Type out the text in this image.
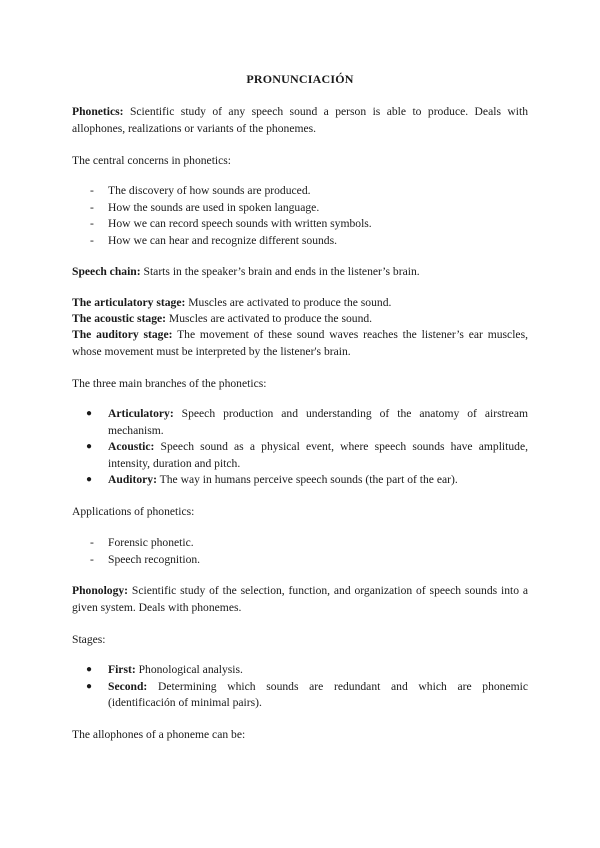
PRONUNCIACIÓN

Phonetics: Scientific study of any speech sound a person is able to produce. Deals with allophones, realizations or variants of the phonemes.

The central concerns in phonetics:

- The discovery of how sounds are produced.
- How the sounds are used in spoken language.
- How we can record speech sounds with written symbols.
- How we can hear and recognize different sounds.

Speech chain: Starts in the speaker’s brain and ends in the listener’s brain.

The articulatory stage: Muscles are activated to produce the sound.

The acoustic stage: Muscles are activated to produce the sound.

The auditory stage: The movement of these sound waves reaches the listener’s ear muscles, whose movement must be interpreted by the listener's brain.

The three main branches of the phonetics:

● Articulatory: Speech production and understanding of the anatomy of airstream mechanism.
● Acoustic: Speech sound as a physical event, where speech sounds have amplitude, intensity, duration and pitch.
● Auditory: The way in humans perceive speech sounds (the part of the ear).

Applications of phonetics:

- Forensic phonetic.
- Speech recognition.

Phonology: Scientific study of the selection, function, and organization of speech sounds into a given system. Deals with phonemes.

Stages:

● First: Phonological analysis.
● Second: Determining which sounds are redundant and which are phonemic (identificación of minimal pairs).

The allophones of a phoneme can be:
